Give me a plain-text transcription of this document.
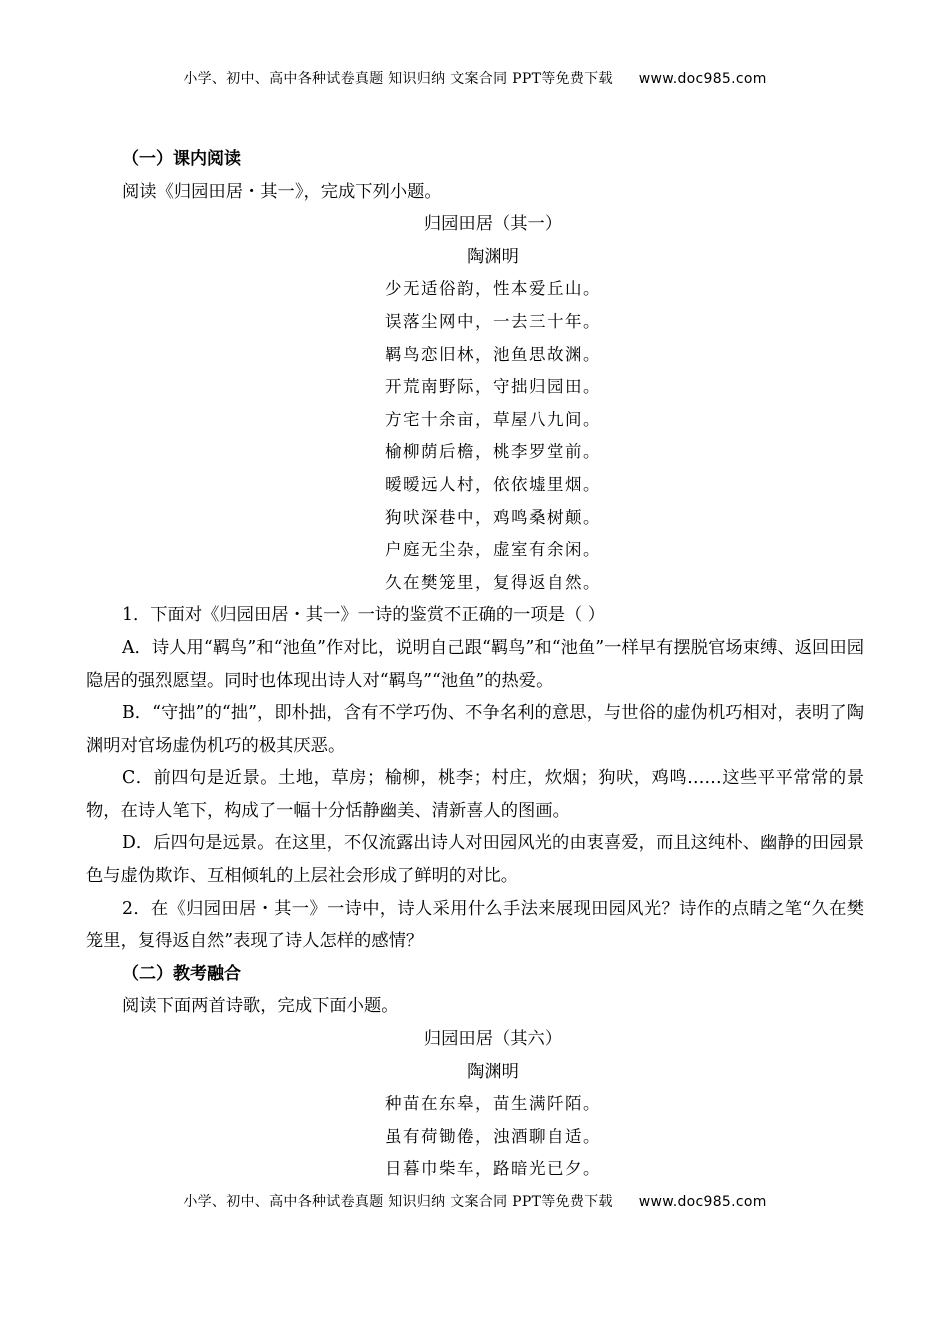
小学、初中、高中各种试卷真题 知识归纳 文案合同 PPT等免费下载 www.doc985.com

（一）课内阅读

阅读《归园田居・其一》，完成下列小题。

归园田居（其一）

陶渊明

少无适俗韵，性本爱丘山。

误落尘网中，一去三十年。

羁鸟恋旧林，池鱼思故渊。

开荒南野际，守拙归园田。

方宅十余亩，草屋八九间。

榆柳荫后檐，桃李罗堂前。

暧暧远人村，依依墟里烟。

狗吠深巷中，鸡鸣桑树颠。

户庭无尘杂，虚室有余闲。

久在樊笼里，复得返自然。

1．下面对《归园田居・其一》一诗的鉴赏不正确的一项是（ ）

A．诗人用“羁鸟”和“池鱼”作对比，说明自己跟“羁鸟”和“池鱼”一样早有摆脱官场束缚、返回田园隐居的强烈愿望。同时也体现出诗人对“羁鸟”“池鱼”的热爱。

B．“守拙”的“拙”，即朴拙，含有不学巧伪、不争名利的意思，与世俗的虚伪机巧相对，表明了陶渊明对官场虚伪机巧的极其厌恶。

C．前四句是近景。土地，草房；榆柳，桃李；村庄，炊烟；狗吠，鸡鸣……这些平平常常的景物，在诗人笔下，构成了一幅十分恬静幽美、清新喜人的图画。

D．后四句是远景。在这里，不仅流露出诗人对田园风光的由衷喜爱，而且这纯朴、幽静的田园景色与虚伪欺诈、互相倾轧的上层社会形成了鲜明的对比。

2．在《归园田居・其一》一诗中，诗人采用什么手法来展现田园风光？诗作的点睛之笔“久在樊笼里，复得返自然”表现了诗人怎样的感情？

（二）教考融合

阅读下面两首诗歌，完成下面小题。

归园田居（其六）

陶渊明

种苗在东皋，苗生满阡陌。

虽有荷锄倦，浊酒聊自适。

日暮巾柴车，路暗光已夕。

小学、初中、高中各种试卷真题 知识归纳 文案合同 PPT等免费下载 www.doc985.com
